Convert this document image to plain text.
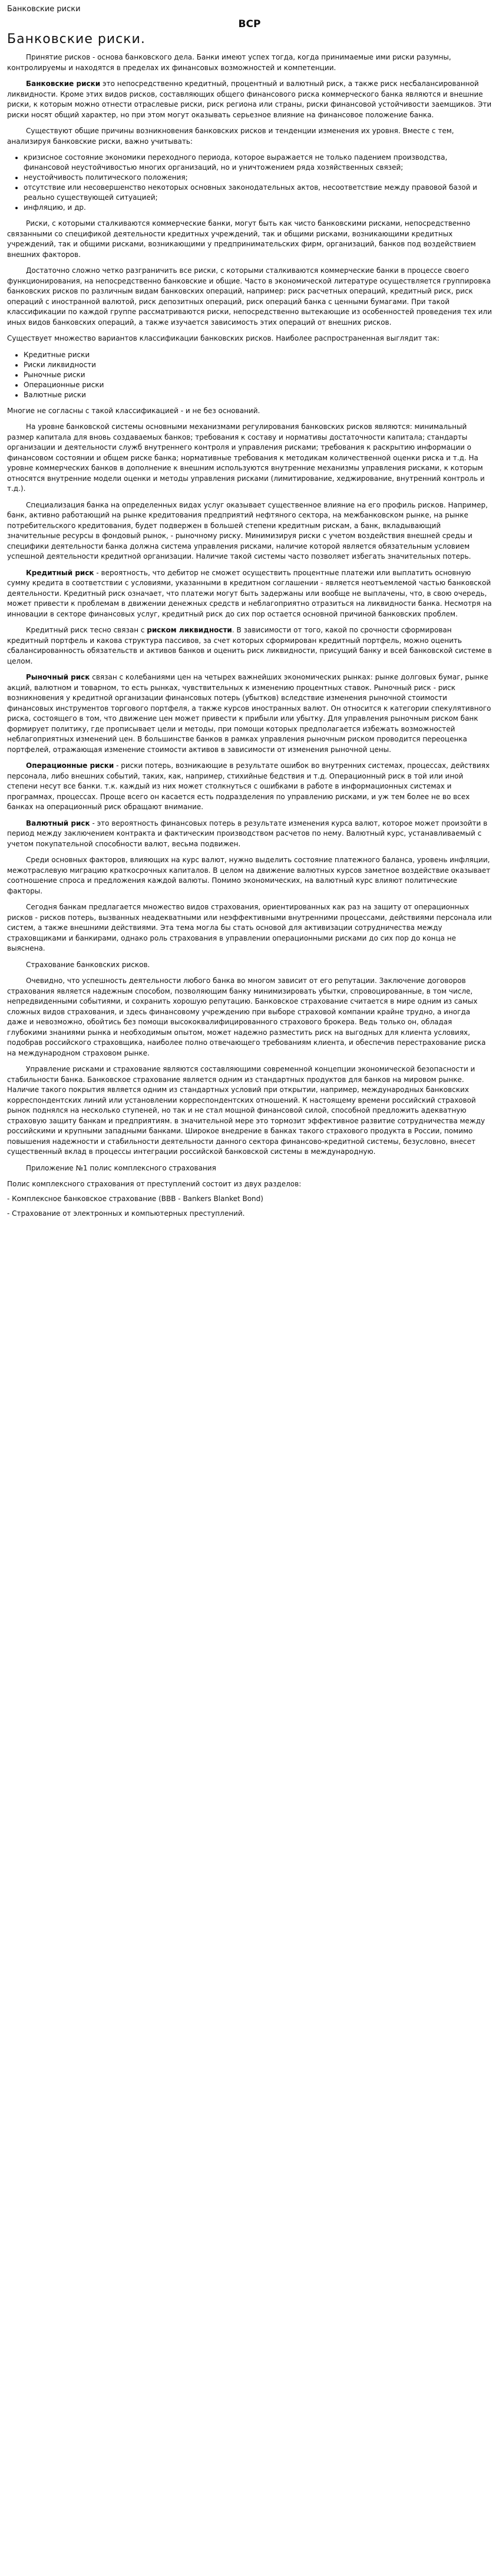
Банковские риски
ВСР
Банковские риски.

Принятие рисков - основа банковского дела. Банки имеют успех тогда, когда принимаемые ими риски разумны, контролируемы и находятся в пределах их финансовых возможностей и компетенции.

Банковские риски это непосредственно кредитный, процентный и валютный риск, а также риск несбалансированной ликвидности. Кроме этих видов рисков, составляющих общего финансового риска коммерческого банка являются и внешние риски, к которым можно отнести отраслевые риски, риск региона или страны, риски финансовой устойчивости заемщиков. Эти риски носят общий характер, но при этом могут оказывать серьезное влияние на финансовое положение банка.

Существуют общие причины возникновения банковских рисков и тенденции изменения их уровня. Вместе с тем, анализируя банковские риски, важно учитывать:

• кризисное состояние экономики переходного периода, которое выражается не только падением производства, финансовой неустойчивостью многих организаций, но и уничтожением ряда хозяйственных связей;
• неустойчивость политического положения;
• отсутствие или несовершенство некоторых основных законодательных актов, несоответствие между правовой базой и реально существующей ситуацией;
• инфляцию, и др.

Риски, с которыми сталкиваются коммерческие банки, могут быть как чисто банковскими рисками, непосредственно связанными со спецификой деятельности кредитных учреждений, так и общими рисками, возникающими кредитных учреждений, так и общими рисками, возникающими у предпринимательских фирм, организаций, банков под воздействием внешних факторов.

Достаточно сложно четко разграничить все риски, с которыми сталкиваются коммерческие банки в процессе своего функционирования, на непосредственно банковские и общие. Часто в экономической литературе осуществляется группировка банковских рисков по различным видам банковских операций, например: риск расчетных операций, кредитный риск, риск операций с иностранной валютой, риск депозитных операций, риск операций банка с ценными бумагами. При такой классификации по каждой группе рассматриваются риски, непосредственно вытекающие из особенностей проведения тех или иных видов банковских операций, а также изучается зависимость этих операций от внешних рисков.

Существует множество вариантов классификации банковских рисков. Наиболее распространенная выглядит так:

• Кредитные риски
• Риски ликвидности
• Рыночные риски
• Операционные риски
• Валютные риски

Многие не согласны с такой классификацией - и не без оснований.

На уровне банковской системы основными механизмами регулирования банковских рисков являются: минимальный размер капитала для вновь создаваемых банков; требования к составу и нормативы достаточности капитала; стандарты организации и деятельности служб внутреннего контроля и управления рисками; требования к раскрытию информации о финансовом состоянии и общем риске банка; нормативные требования к методикам количественной оценки риска и т.д. На уровне коммерческих банков в дополнение к внешним используются внутренние механизмы управления рисками, к которым относятся внутренние модели оценки и методы управления рисками (лимитирование, хеджирование, внутренний контроль и т.д.).

Специализация банка на определенных видах услуг оказывает существенное влияние на его профиль рисков. Например, банк, активно работающий на рынке кредитования предприятий нефтяного сектора, на межбанковском рынке, на рынке потребительского кредитования, будет подвержен в большей степени кредитным рискам, а банк, вкладывающий значительные ресурсы в фондовый рынок, - рыночному риску. Минимизируя риски с учетом воздействия внешней среды и специфики деятельности банка должна система управления рисками, наличие которой является обязательным условием успешной деятельности кредитной организации. Наличие такой системы часто позволяет избегать значительных потерь.

Кредитный риск - вероятность, что дебитор не сможет осуществить процентные платежи или выплатить основную сумму кредита в соответствии с условиями, указанными в кредитном соглашении - является неотъемлемой частью банковской деятельности. Кредитный риск означает, что платежи могут быть задержаны или вообще не выплачены, что, в свою очередь, может привести к проблемам в движении денежных средств и неблагоприятно отразиться на ликвидности банка. Несмотря на инновации в секторе финансовых услуг, кредитный риск до сих пор остается основной причиной банковских проблем.

Кредитный риск тесно связан с риском ликвидности. В зависимости от того, какой по срочности сформирован кредитный портфель и какова структура пассивов, за счет которых сформирован кредитный портфель, можно оценить сбалансированность обязательств и активов банков и оценить риск ликвидности, присущий банку и всей банковской системе в целом.

Рыночный риск связан с колебаниями цен на четырех важнейших экономических рынках: рынке долговых бумаг, рынке акций, валютном и товарном, то есть рынках, чувствительных к изменению процентных ставок. Рыночный риск - риск возникновения у кредитной организации финансовых потерь (убытков) вследствие изменения рыночной стоимости финансовых инструментов торгового портфеля, а также курсов иностранных валют. Он относится к категории спекулятивного риска, состоящего в том, что движение цен может привести к прибыли или убытку. Для управления рыночным риском банк формирует политику, где прописывает цели и методы, при помощи которых предполагается избежать возможностей неблагоприятных изменений цен. В большинстве банков в рамках управления рыночным риском проводится переоценка портфелей, отражающая изменение стоимости активов в зависимости от изменения рыночной цены.

Операционные риски - риски потерь, возникающие в результате ошибок во внутренних системах, процессах, действиях персонала, либо внешних событий, таких, как, например, стихийные бедствия и т.д. Операционный риск в той или иной степени несут все банки. т.к. каждый из них может столкнуться с ошибками в работе в информационных системах и программах, процессах. Проще всего он касается есть подразделения по управлению рисками, и уж тем более не во всех банках на операционный риск обращают внимание.

Валютный риск - это вероятность финансовых потерь в результате изменения курса валют, которое может произойти в период между заключением контракта и фактическим производством расчетов по нему. Валютный курс, устанавливаемый с учетом покупательной способности валют, весьма подвижен.

Среди основных факторов, влияющих на курс валют, нужно выделить состояние платежного баланса, уровень инфляции, межотраслевую миграцию краткосрочных капиталов. В целом на движение валютных курсов заметное воздействие оказывает соотношение спроса и предложения каждой валюты. Помимо экономических, на валютный курс влияют политические факторы.

Сегодня банкам предлагается множество видов страхования, ориентированных как раз на защиту от операционных рисков - рисков потерь, вызванных неадекватными или неэффективными внутренними процессами, действиями персонала или систем, а также внешними действиями. Эта тема могла бы стать основой для активизации сотрудничества между страховщиками и банкирами, однако роль страхования в управлении операционными рисками до сих пор до конца не выяснена.

Страхование банковских рисков.

Очевидно, что успешность деятельности любого банка во многом зависит от его репутации. Заключение договоров страхования является надежным способом, позволяющим банку минимизировать убытки, спровоцированные, в том числе, непредвиденными событиями, и сохранить хорошую репутацию. Банковское страхование считается в мире одним из самых сложных видов страхования, и здесь финансовому учреждению при выборе страховой компании крайне трудно, а иногда даже и невозможно, обойтись без помощи высококвалифицированного страхового брокера. Ведь только он, обладая глубокими знаниями рынка и необходимым опытом, может надежно разместить риск на выгодных для клиента условиях, подобрав российского страховщика, наиболее полно отвечающего требованиям клиента, и обеспечив перестрахование риска на международном страховом рынке.

Управление рисками и страхование являются составляющими современной концепции экономической безопасности и стабильности банка. Банковское страхование является одним из стандартных продуктов для банков на мировом рынке. Наличие такого покрытия является одним из стандартных условий при открытии, например, международных банковских корреспондентских линий или установлении корреспондентских отношений. К настоящему времени российский страховой рынок поднялся на несколько ступеней, но так и не стал мощной финансовой силой, способной предложить адекватную страховую защиту банкам и предприятиям. в значительной мере это тормозит эффективное развитие сотрудничества между российскими и крупными западными банками. Широкое внедрение в банках такого страхового продукта в России, помимо повышения надежности и стабильности деятельности данного сектора финансово-кредитной системы, безусловно, внесет существенный вклад в процессы интеграции российской банковской системы в международную.

Приложение №1 полис комплексного страхования

Полис комплексного страхования от преступлений состоит из двух разделов:

- Комплексное банковское страхование (BBB - Bankers Blanket Bond)

- Страхование от электронных и компьютерных преступлений.
